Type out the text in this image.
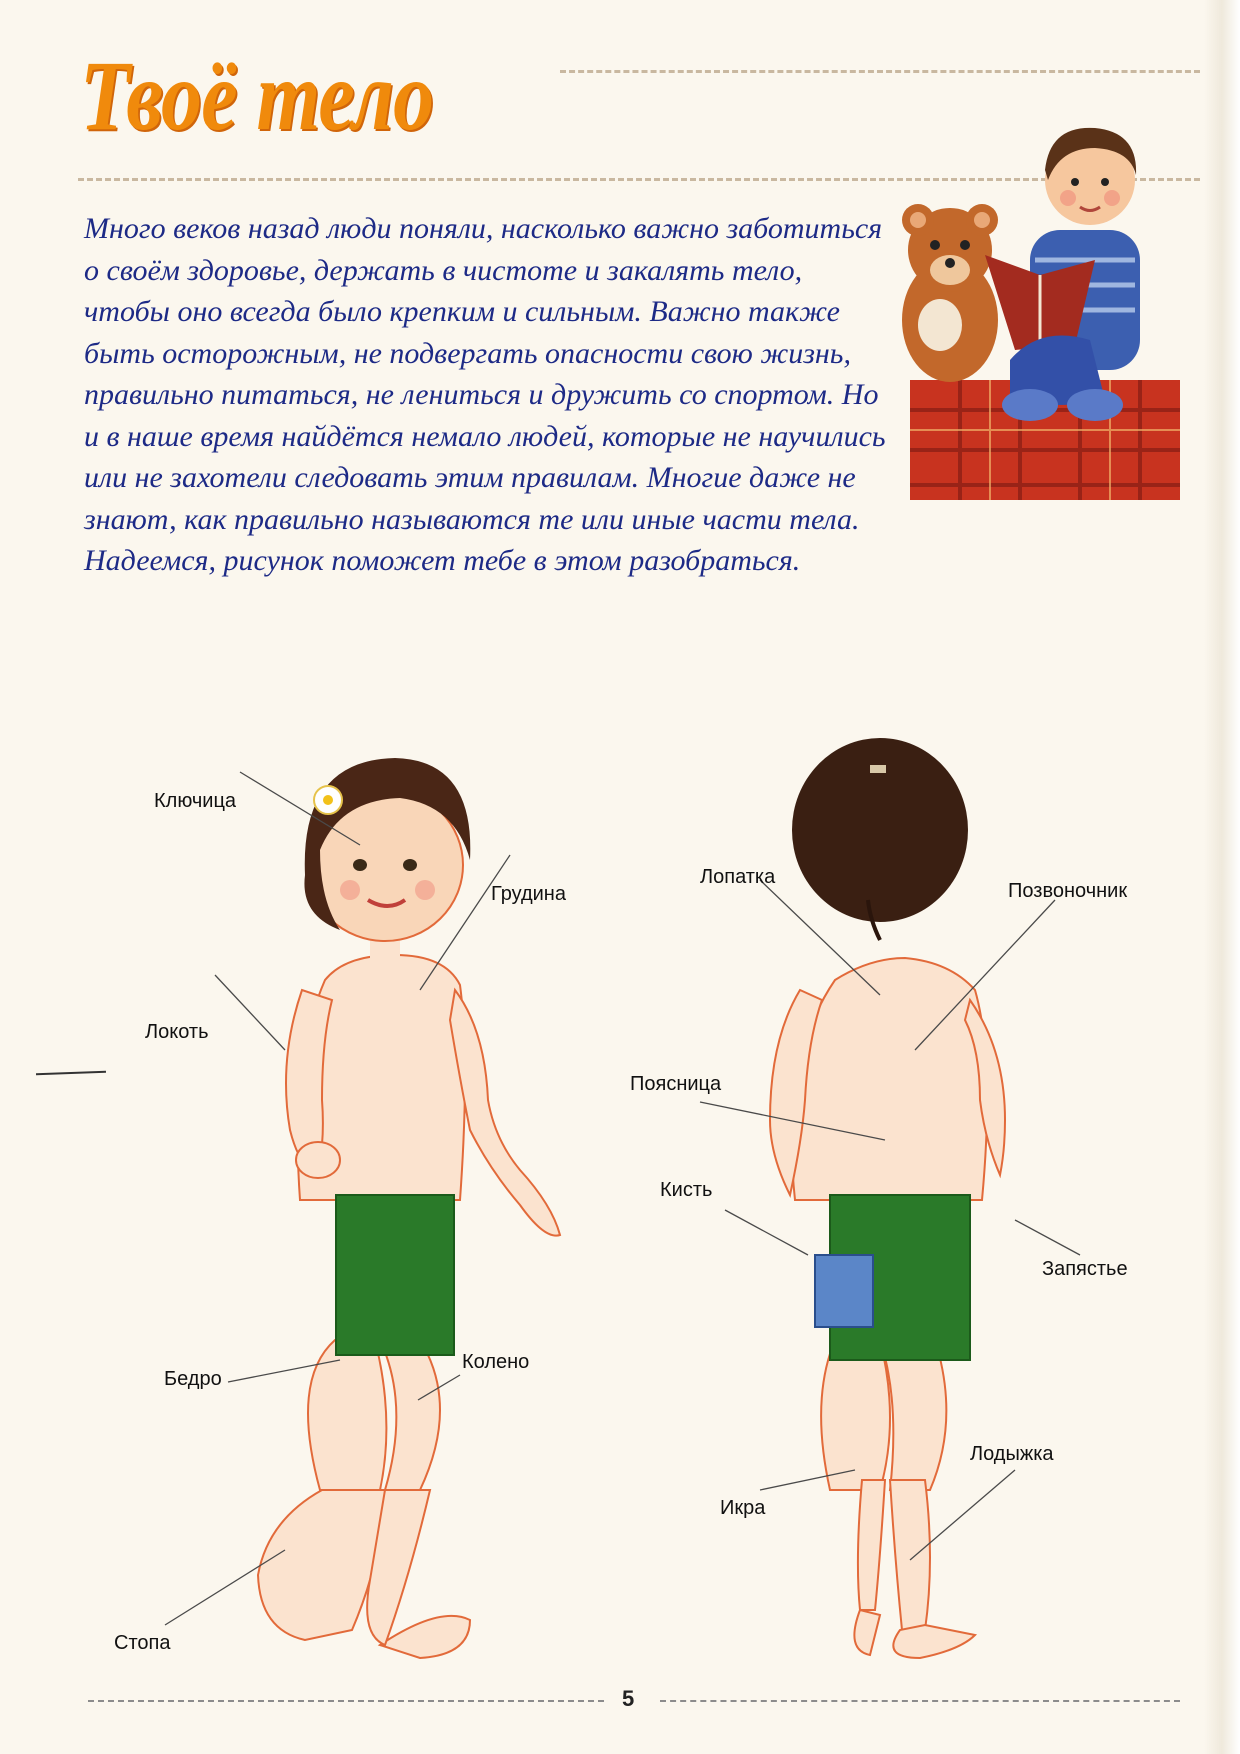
Твоё тело

Много веков назад люди поняли, насколько важно заботиться о своём здоровье, держать в чистоте и закалять тело, чтобы оно всегда было крепким и сильным. Важно также быть осторожным, не подвергать опасности свою жизнь, правильно питаться, не лениться и дружить со спортом. Но и в наше время найдётся немало людей, которые не научились или не захотели следовать этим правилам. Многие даже не знают, как правильно называются те или иные части тела. Надеемся, рисунок поможет тебе в этом разобраться.

Ключица
Грудина
Локоть
Бедро
Колено
Стопа
Лопатка
Позвоночник
Поясница
Кисть
Запястье
Икра
Лодыжка
5
